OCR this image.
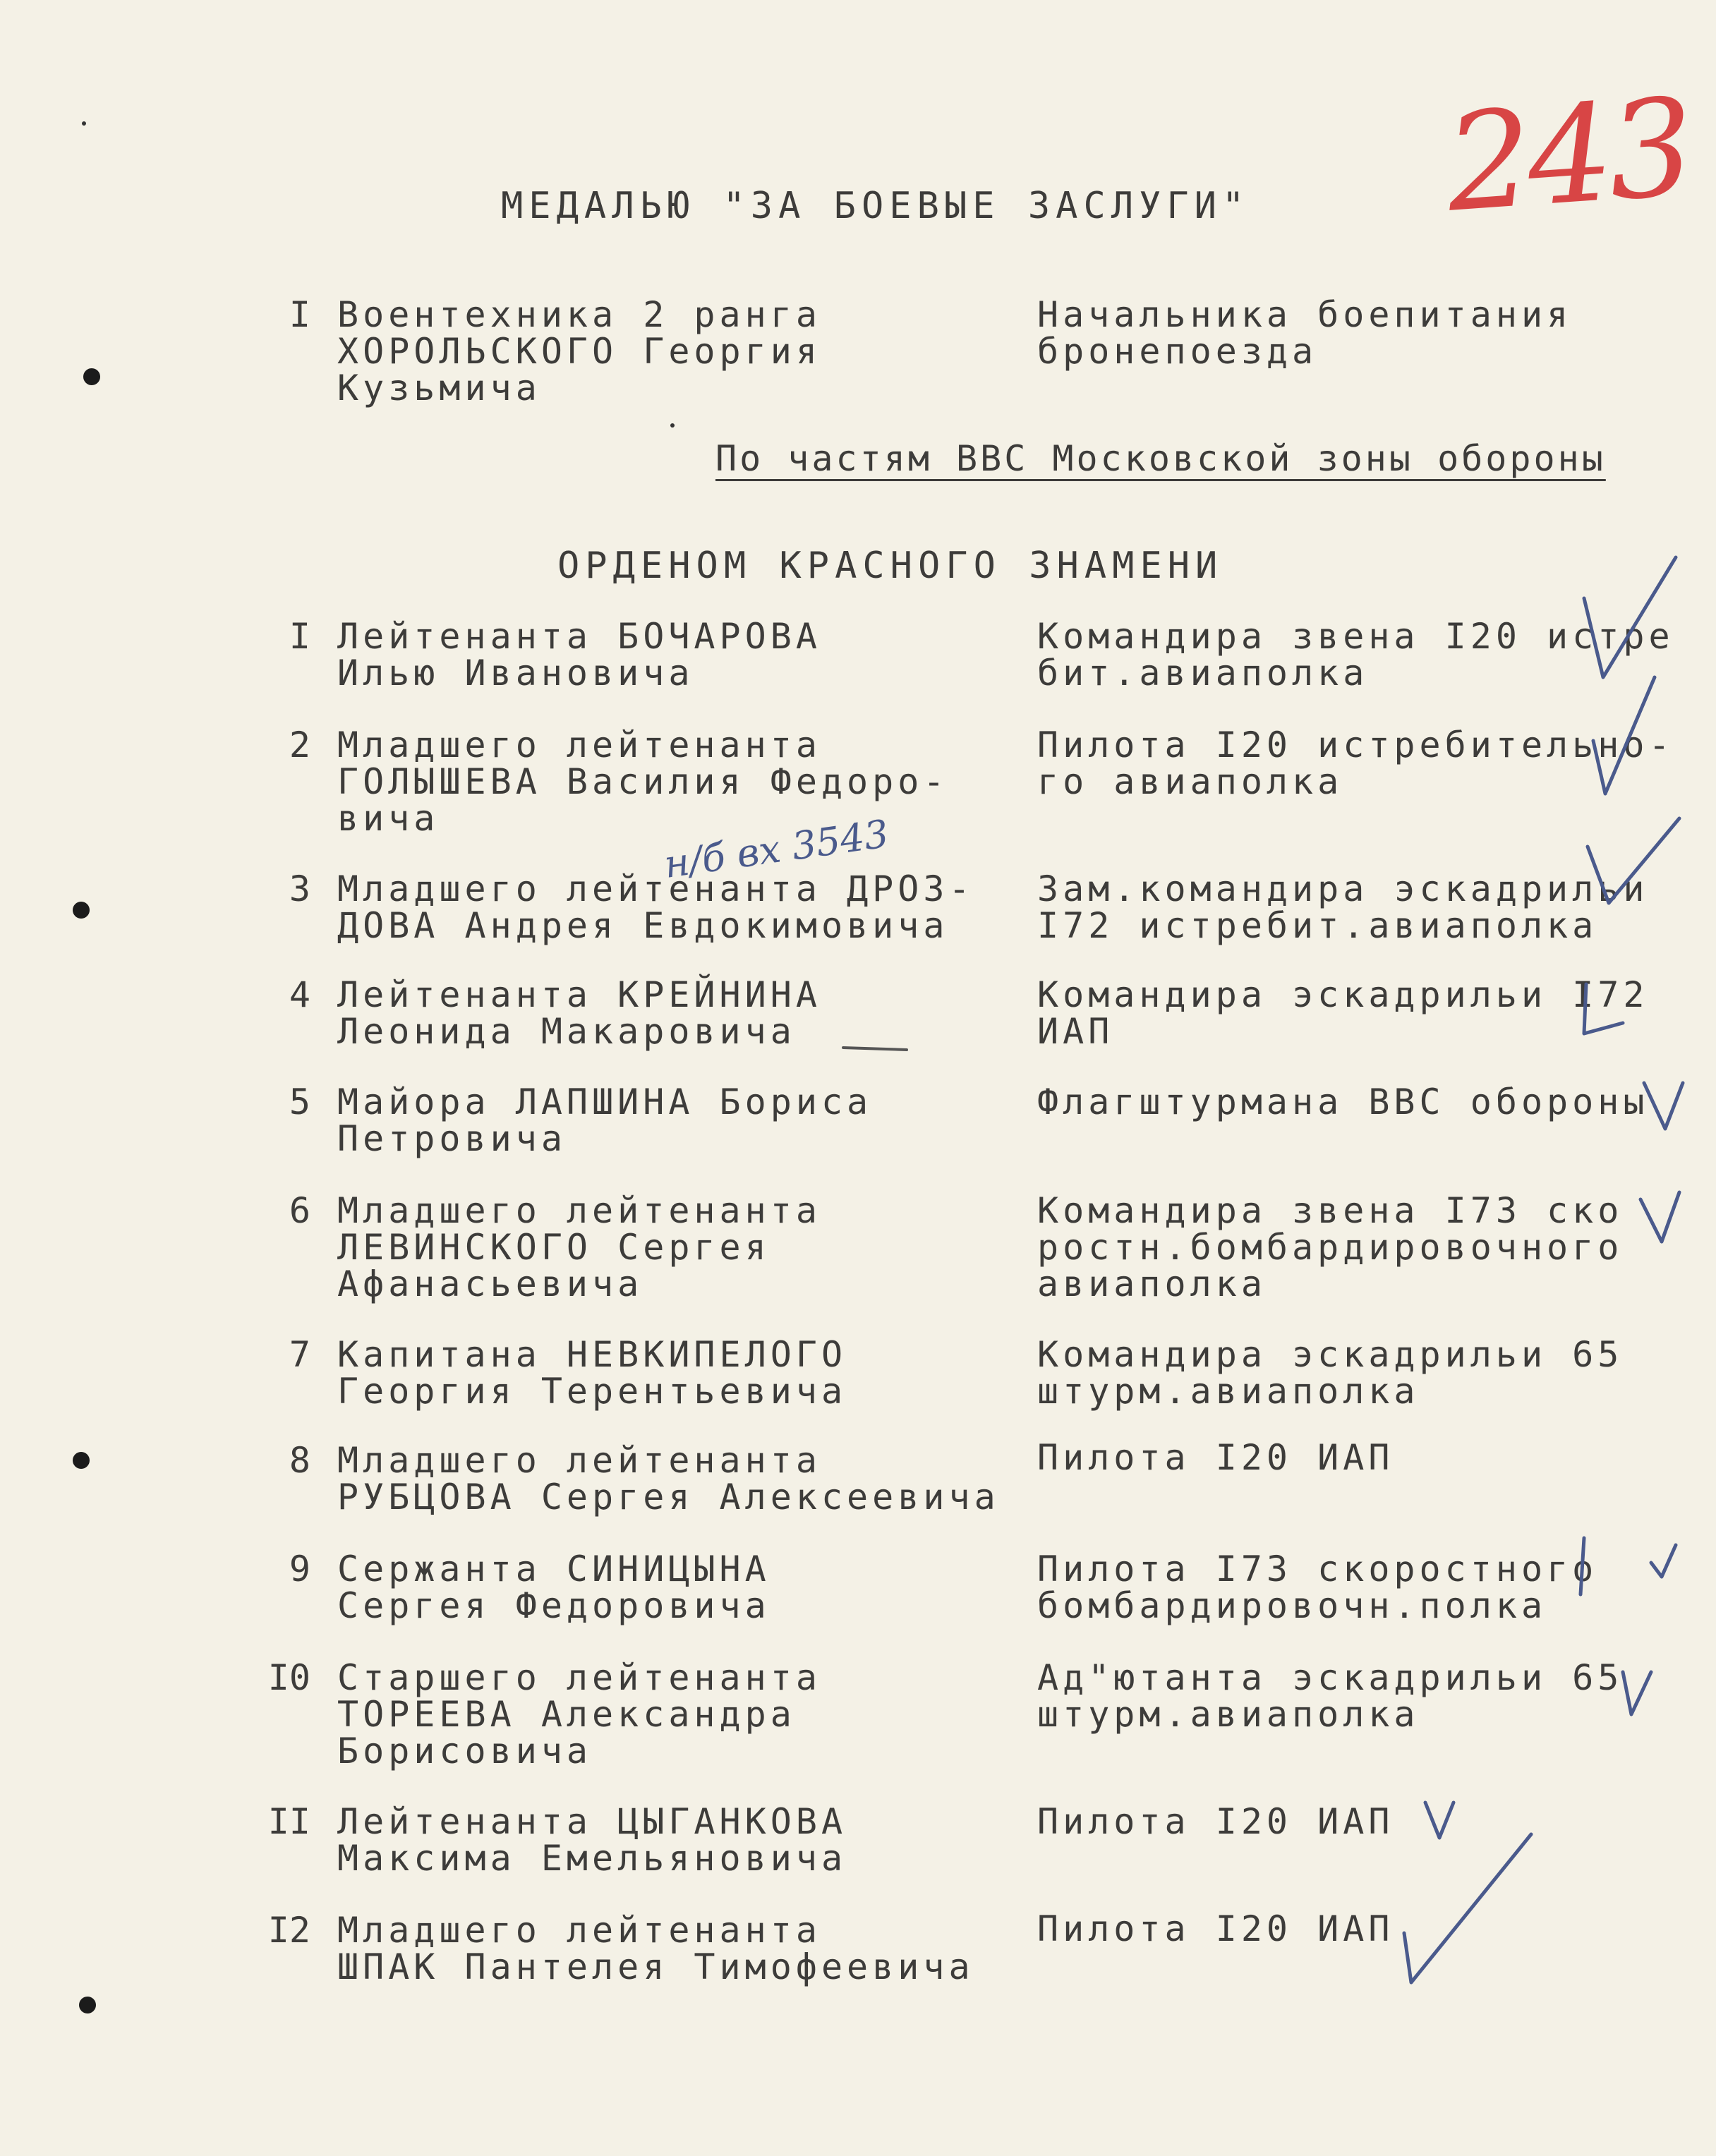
МЕДАЛЬЮ "ЗА БОЕВЫЕ ЗАСЛУГИ"
I Воентехника 2 ранга
ХОРОЛЬСКОГО Георгия
Кузьмича
Начальника боепитания
бронепоезда
По частям ВВС Московской зоны обороны
ОРДЕНОМ КРАСНОГО ЗНАМЕНИ
I Лейтенанта БОЧАРОВА
Илью Ивановича
Командира звена I20 истре
бит.авиаполка
2 Младшего лейтенанта
ГОЛЫШЕВА Василия Федоро-
вича
Пилота I20 истребительно-
го авиаполка
3 Младшего лейтенанта ДРОЗ-
ДОВА Андрея Евдокимовича
Зам.командира эскадрильи
I72 истребит.авиаполка
4 Лейтенанта КРЕЙНИНА
Леонида Макаровича
Командира эскадрильи I72
ИАП
5 Майора ЛАПШИНА Бориса
Петровича
Флагштурмана ВВС обороны
6 Младшего лейтенанта
ЛЕВИНСКОГО Сергея
Афанасьевича
Командира звена I73 ско
ростн.бомбардировочного
авиаполка
7 Капитана НЕВКИПЕЛОГО
Георгия Терентьевича
Командира эскадрильи 65
штурм.авиаполка
8 Младшего лейтенанта
РУБЦОВА Сергея Алексеевича
Пилота I20 ИАП
9 Сержанта СИНИЦЫНА
Сергея Федоровича
Пилота I73 скоростного
бомбардировочн.полка
I0 Старшего лейтенанта
ТОРЕЕВА Александра
Борисовича
Ад"ютанта эскадрильи 65
штурм.авиаполка
II Лейтенанта ЦЫГАНКОВА
Максима Емельяновича
Пилота I20 ИАП
I2 Младшего лейтенанта
ШПАК Пантелея Тимофеевича
Пилота I20 ИАП
н/б вх 3543
243
